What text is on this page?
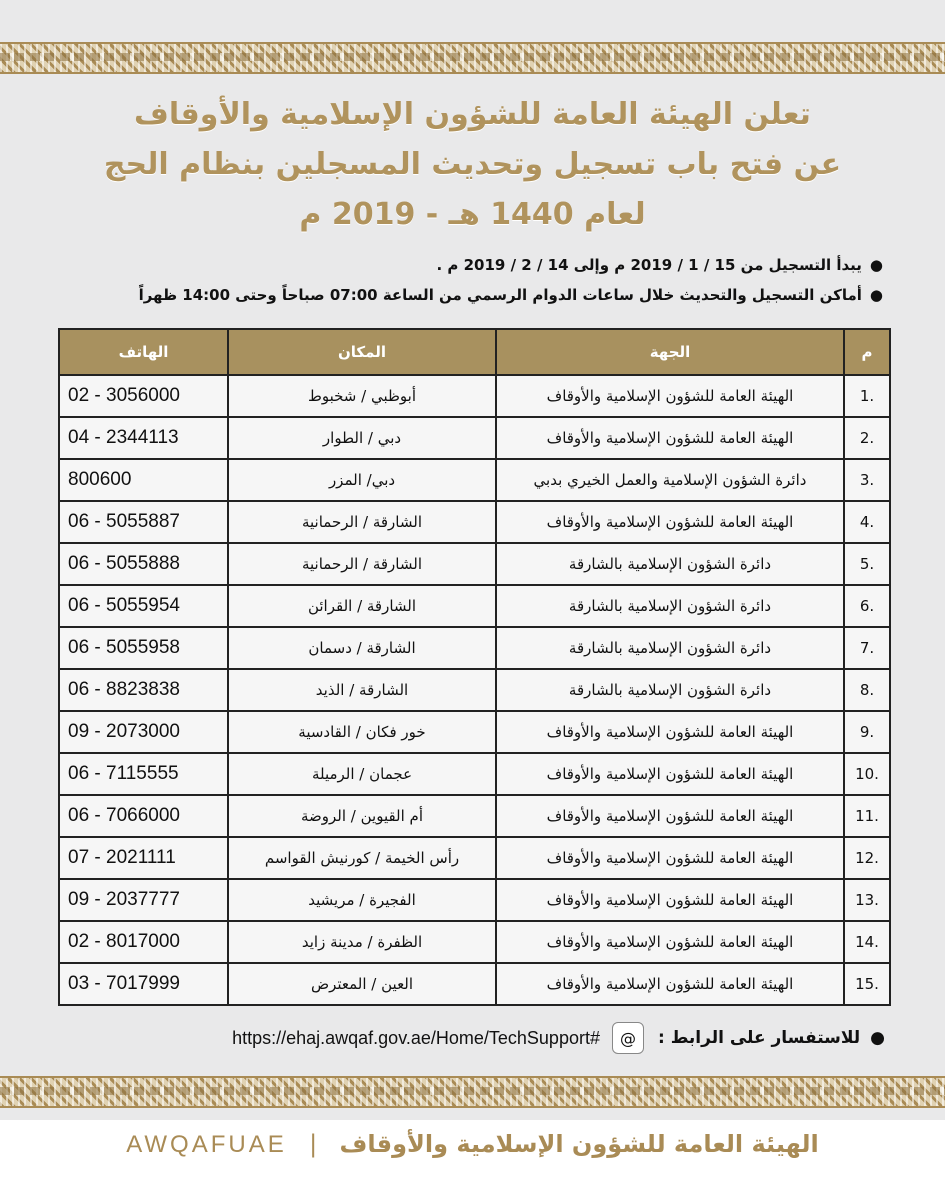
تعلن الهيئة العامة للشؤون الإسلامية والأوقاف
عن فتح باب تسجيل وتحديث المسجلين بنظام الحج
لعام 1440 هـ - 2019 م
●يبدأ التسجيل من 15 / 1 / 2019 م وإلى 14 / 2 / 2019 م .
●أماكن التسجيل والتحديث خلال ساعات الدوام الرسمي من الساعة 07:00 صباحاً وحتى 14:00 ظهراً
م	الجهة	المكان	الهاتف
1.	الهيئة العامة للشؤون الإسلامية والأوقاف	أبوظبي / شخبوط	02 - 3056000
2.	الهيئة العامة للشؤون الإسلامية والأوقاف	دبي / الطوار	04 - 2344113
3.	دائرة الشؤون الإسلامية والعمل الخيري بدبي	دبي/ المزر	800600
4.	الهيئة العامة للشؤون الإسلامية والأوقاف	الشارقة / الرحمانية	06 - 5055887
5.	دائرة الشؤون الإسلامية بالشارقة	الشارقة / الرحمانية	06 - 5055888
6.	دائرة الشؤون الإسلامية بالشارقة	الشارقة / القرائن	06 - 5055954
7.	دائرة الشؤون الإسلامية بالشارقة	الشارقة / دسمان	06 - 5055958
8.	دائرة الشؤون الإسلامية بالشارقة	الشارقة / الذيد	06 - 8823838
9.	الهيئة العامة للشؤون الإسلامية والأوقاف	خور فكان / القادسية	09 - 2073000
10.	الهيئة العامة للشؤون الإسلامية والأوقاف	عجمان / الرميلة	06 - 7115555
11.	الهيئة العامة للشؤون الإسلامية والأوقاف	أم القيوين / الروضة	06 - 7066000
12.	الهيئة العامة للشؤون الإسلامية والأوقاف	رأس الخيمة / كورنيش القواسم	07 - 2021111
13.	الهيئة العامة للشؤون الإسلامية والأوقاف	الفجيرة / مريشيد	09 - 2037777
14.	الهيئة العامة للشؤون الإسلامية والأوقاف	الظفرة / مدينة زايد	02 - 8017000
15.	الهيئة العامة للشؤون الإسلامية والأوقاف	العين / المعترض	03 - 7017999
●
للاستفسار على الرابط :
@
https://ehaj.awqaf.gov.ae/Home/TechSupport#
AWQAFUAE | الهيئة العامة للشؤون الإسلامية والأوقاف
